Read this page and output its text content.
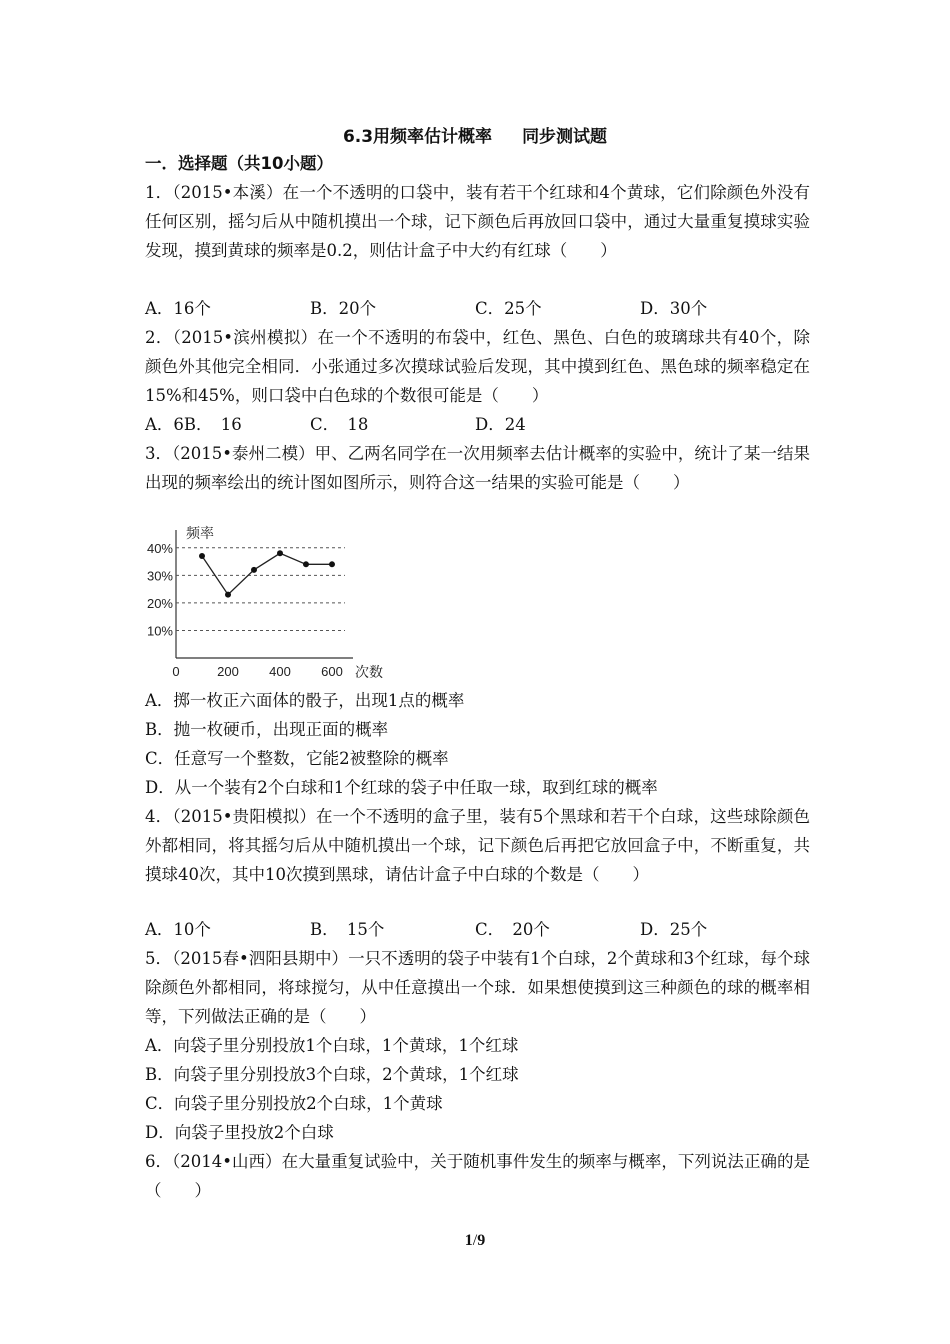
6.3用频率估计概率 同步测试题
一．选择题（共10小题）
1．（2015•本溪）在一个不透明的口袋中，装有若干个红球和4个黄球，它们除颜色外没有任何区别，摇匀后从中随机摸出一个球，记下颜色后再放回口袋中，通过大量重复摸球实验发现，摸到黄球的频率是0.2，则估计盒子中大约有红球（　　）
A．16个	B．20个	C．25个	D．30个
2．（2015•滨州模拟）在一个不透明的布袋中，红色、黑色、白色的玻璃球共有40个，除颜色外其他完全相同．小张通过多次摸球试验后发现，其中摸到红色、黑色球的频率稳定在15%和45%，则口袋中白色球的个数很可能是（　　）
A．6B．　16	C．　18	D．24
3．（2015•泰州二模）甲、乙两名同学在一次用频率去估计概率的实验中，统计了某一结果出现的频率绘出的统计图如图所示，则符合这一结果的实验可能是（　　）
10%
20%
30%
40%
0	200 400 600
频率
次数
A．掷一枚正六面体的骰子，出现1点的概率
B．抛一枚硬币，出现正面的概率
C．任意写一个整数，它能2被整除的概率
D．从一个装有2个白球和1个红球的袋子中任取一球，取到红球的概率
4．（2015•贵阳模拟）在一个不透明的盒子里，装有5个黑球和若干个白球，这些球除颜色外都相同，将其摇匀后从中随机摸出一个球，记下颜色后再把它放回盒子中，不断重复，共摸球40次，其中10次摸到黑球，请估计盒子中白球的个数是（　　）
A．10个	B．　15个	C．　20个	D．25个
5．（2015春•泗阳县期中）一只不透明的袋子中装有1个白球，2个黄球和3个红球，每个球除颜色外都相同，将球搅匀，从中任意摸出一个球．如果想使摸到这三种颜色的球的概率相等，下列做法正确的是（　　）
A．向袋子里分别投放1个白球，1个黄球，1个红球
B．向袋子里分别投放3个白球，2个黄球，1个红球
C．向袋子里分别投放2个白球，1个黄球
D．向袋子里投放2个白球
6．（2014•山西）在大量重复试验中，关于随机事件发生的频率与概率，下列说法正确的是（　　）
1/9
